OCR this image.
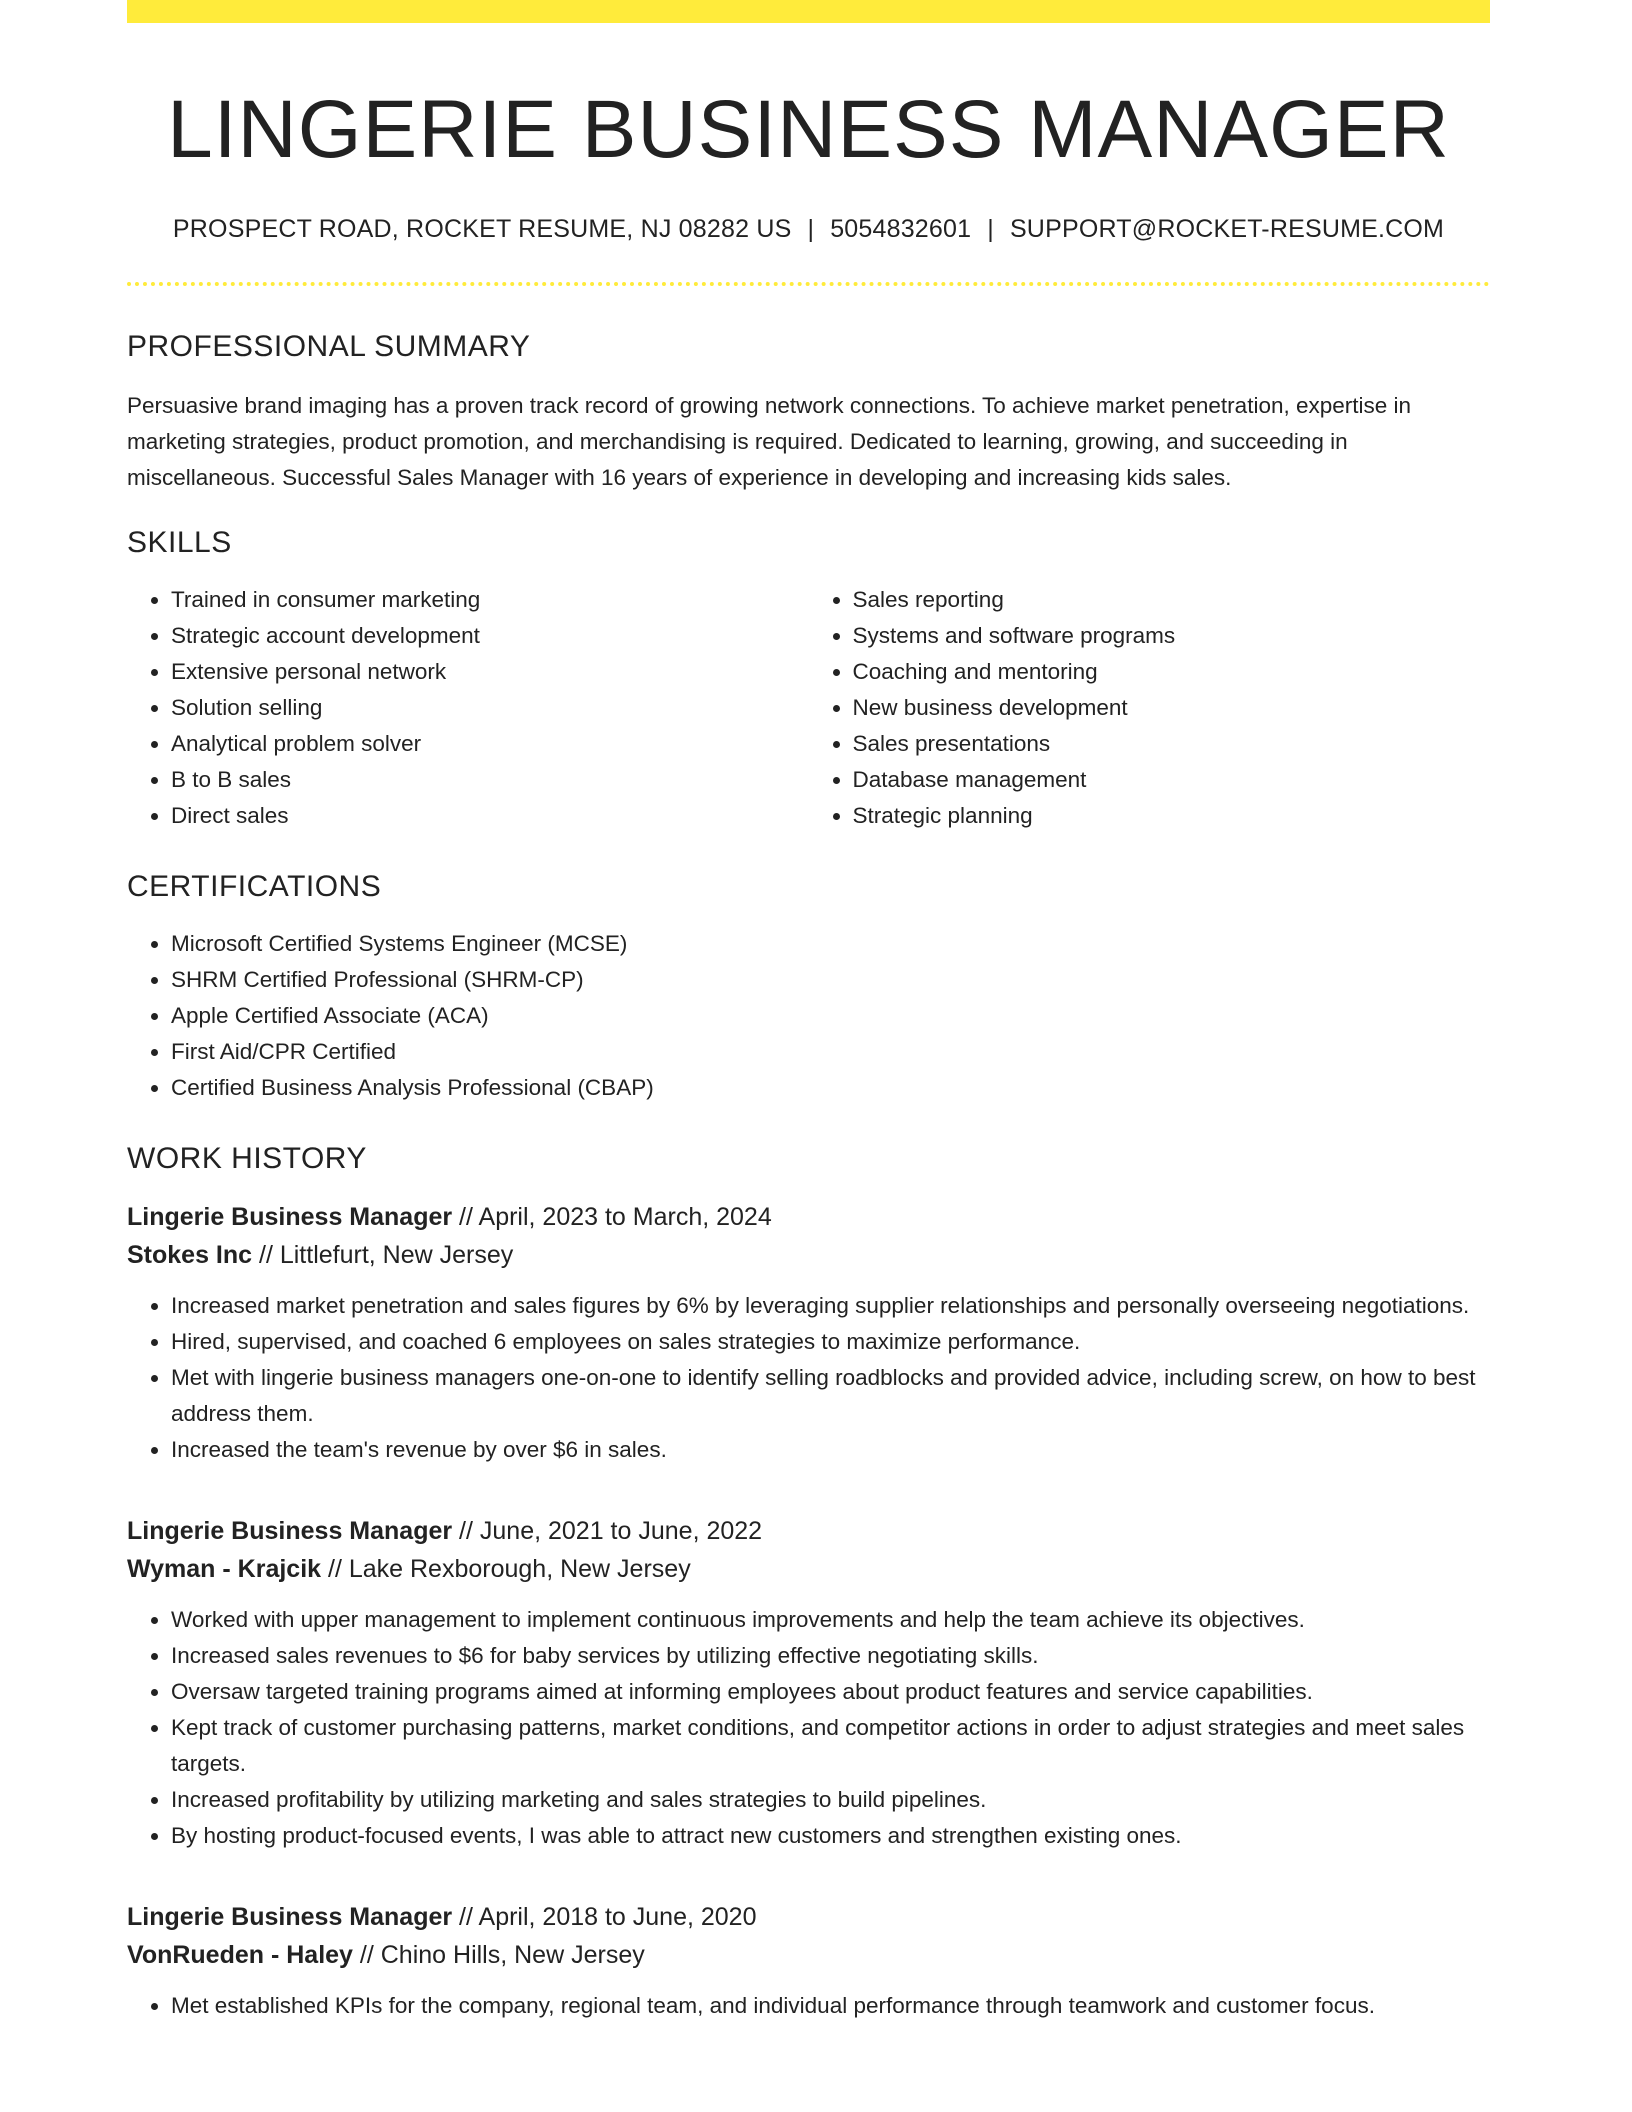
LINGERIE BUSINESS MANAGER
PROSPECT ROAD, ROCKET RESUME, NJ 08282 US | 5054832601 | SUPPORT@ROCKET-RESUME.COM
PROFESSIONAL SUMMARY

Persuasive brand imaging has a proven track record of growing network connections. To achieve market penetration, expertise in marketing strategies, product promotion, and merchandising is required. Dedicated to learning, growing, and succeeding in miscellaneous. Successful Sales Manager with 16 years of experience in developing and increasing kids sales.

SKILLS
• Trained in consumer marketing
• Strategic account development
• Extensive personal network
• Solution selling
• Analytical problem solver
• B to B sales
• Direct sales
• Sales reporting
• Systems and software programs
• Coaching and mentoring
• New business development
• Sales presentations
• Database management
• Strategic planning
CERTIFICATIONS
• Microsoft Certified Systems Engineer (MCSE)
• SHRM Certified Professional (SHRM-CP)
• Apple Certified Associate (ACA)
• First Aid/CPR Certified
• Certified Business Analysis Professional (CBAP)
WORK HISTORY
Lingerie Business Manager // April, 2023 to March, 2024
Stokes Inc // Littlefurt, New Jersey
• Increased market penetration and sales figures by 6% by leveraging supplier relationships and personally overseeing negotiations.
• Hired, supervised, and coached 6 employees on sales strategies to maximize performance.
• Met with lingerie business managers one-on-one to identify selling roadblocks and provided advice, including screw, on how to best address them.
• Increased the team's revenue by over $6 in sales.
Lingerie Business Manager // June, 2021 to June, 2022
Wyman - Krajcik // Lake Rexborough, New Jersey
• Worked with upper management to implement continuous improvements and help the team achieve its objectives.
• Increased sales revenues to $6 for baby services by utilizing effective negotiating skills.
• Oversaw targeted training programs aimed at informing employees about product features and service capabilities.
• Kept track of customer purchasing patterns, market conditions, and competitor actions in order to adjust strategies and meet sales targets.
• Increased profitability by utilizing marketing and sales strategies to build pipelines.
• By hosting product-focused events, I was able to attract new customers and strengthen existing ones.
Lingerie Business Manager // April, 2018 to June, 2020
VonRueden - Haley // Chino Hills, New Jersey
• Met established KPIs for the company, regional team, and individual performance through teamwork and customer focus.
